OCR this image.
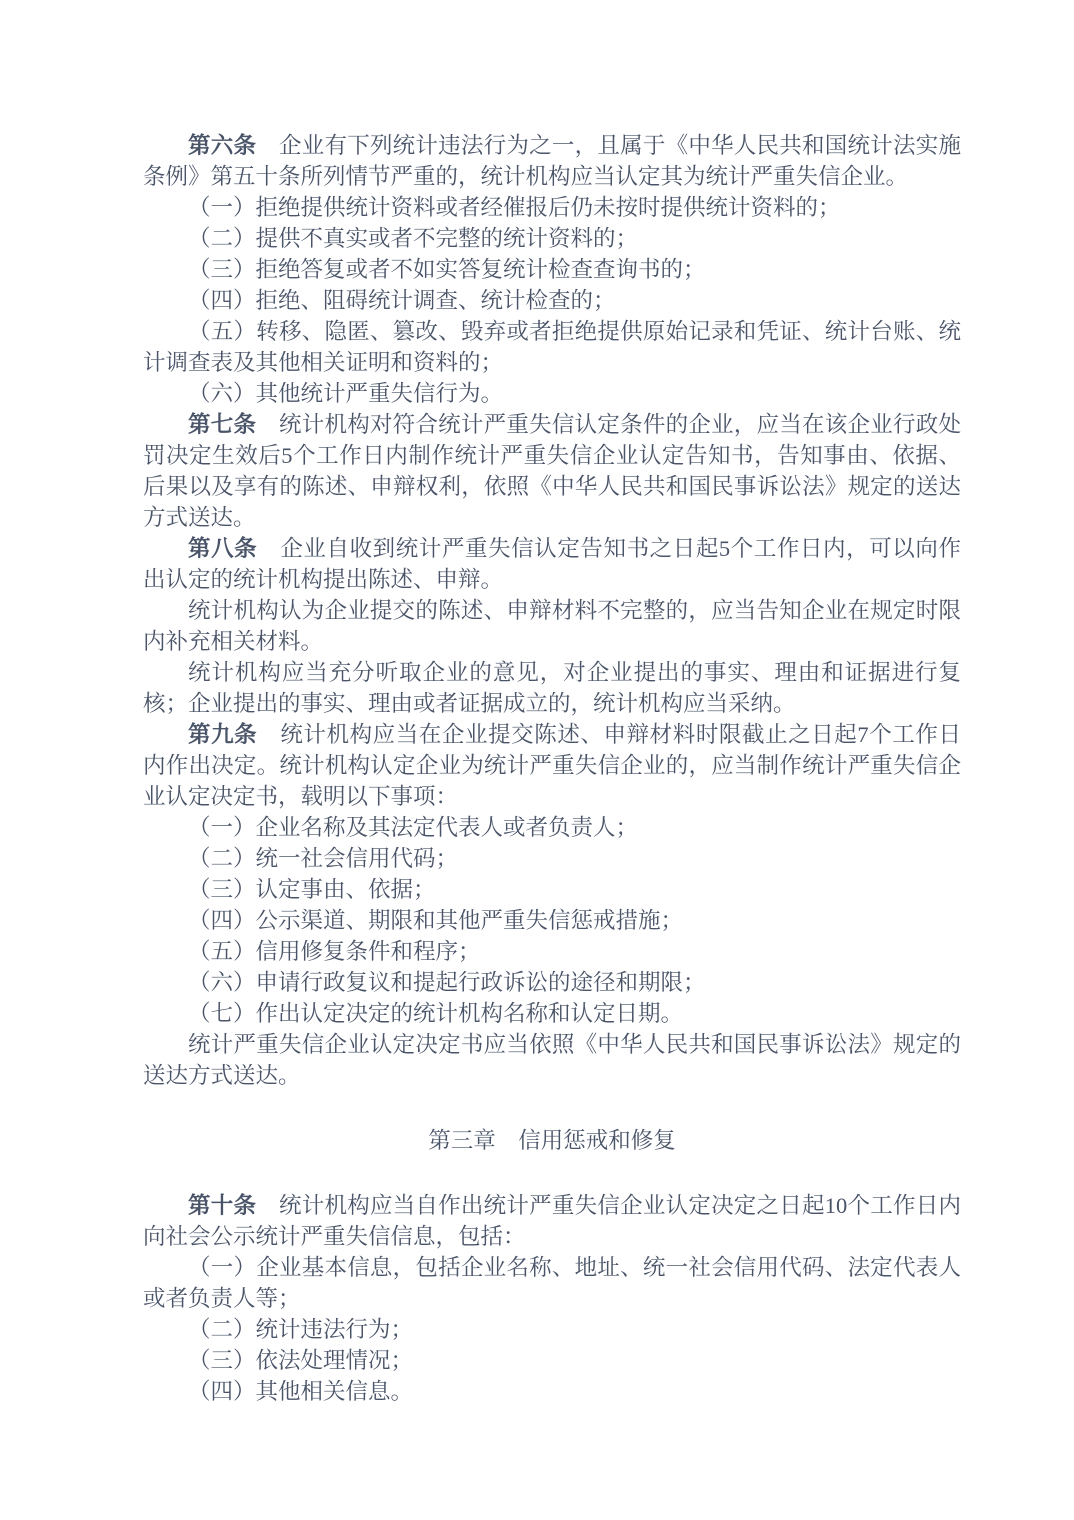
第六条　企业有下列统计违法行为之一，且属于《中华人民共和国统计法实施条例》第五十条所列情节严重的，统计机构应当认定其为统计严重失信企业。

（一）拒绝提供统计资料或者经催报后仍未按时提供统计资料的；

（二）提供不真实或者不完整的统计资料的；

（三）拒绝答复或者不如实答复统计检查查询书的；

（四）拒绝、阻碍统计调查、统计检查的；

（五）转移、隐匿、篡改、毁弃或者拒绝提供原始记录和凭证、统计台账、统计调查表及其他相关证明和资料的；

（六）其他统计严重失信行为。

第七条　统计机构对符合统计严重失信认定条件的企业，应当在该企业行政处罚决定生效后5个工作日内制作统计严重失信企业认定告知书，告知事由、依据、后果以及享有的陈述、申辩权利，依照《中华人民共和国民事诉讼法》规定的送达方式送达。

第八条　企业自收到统计严重失信认定告知书之日起5个工作日内，可以向作出认定的统计机构提出陈述、申辩。

统计机构认为企业提交的陈述、申辩材料不完整的，应当告知企业在规定时限内补充相关材料。

统计机构应当充分听取企业的意见，对企业提出的事实、理由和证据进行复核；企业提出的事实、理由或者证据成立的，统计机构应当采纳。

第九条　统计机构应当在企业提交陈述、申辩材料时限截止之日起7个工作日内作出决定。统计机构认定企业为统计严重失信企业的，应当制作统计严重失信企业认定决定书，载明以下事项：

（一）企业名称及其法定代表人或者负责人；

（二）统一社会信用代码；

（三）认定事由、依据；

（四）公示渠道、期限和其他严重失信惩戒措施；

（五）信用修复条件和程序；

（六）申请行政复议和提起行政诉讼的途径和期限；

（七）作出认定决定的统计机构名称和认定日期。

统计严重失信企业认定决定书应当依照《中华人民共和国民事诉讼法》规定的送达方式送达。

第三章　信用惩戒和修复

第十条　统计机构应当自作出统计严重失信企业认定决定之日起10个工作日内向社会公示统计严重失信信息，包括：

（一）企业基本信息，包括企业名称、地址、统一社会信用代码、法定代表人或者负责人等；

（二）统计违法行为；

（三）依法处理情况；

（四）其他相关信息。
